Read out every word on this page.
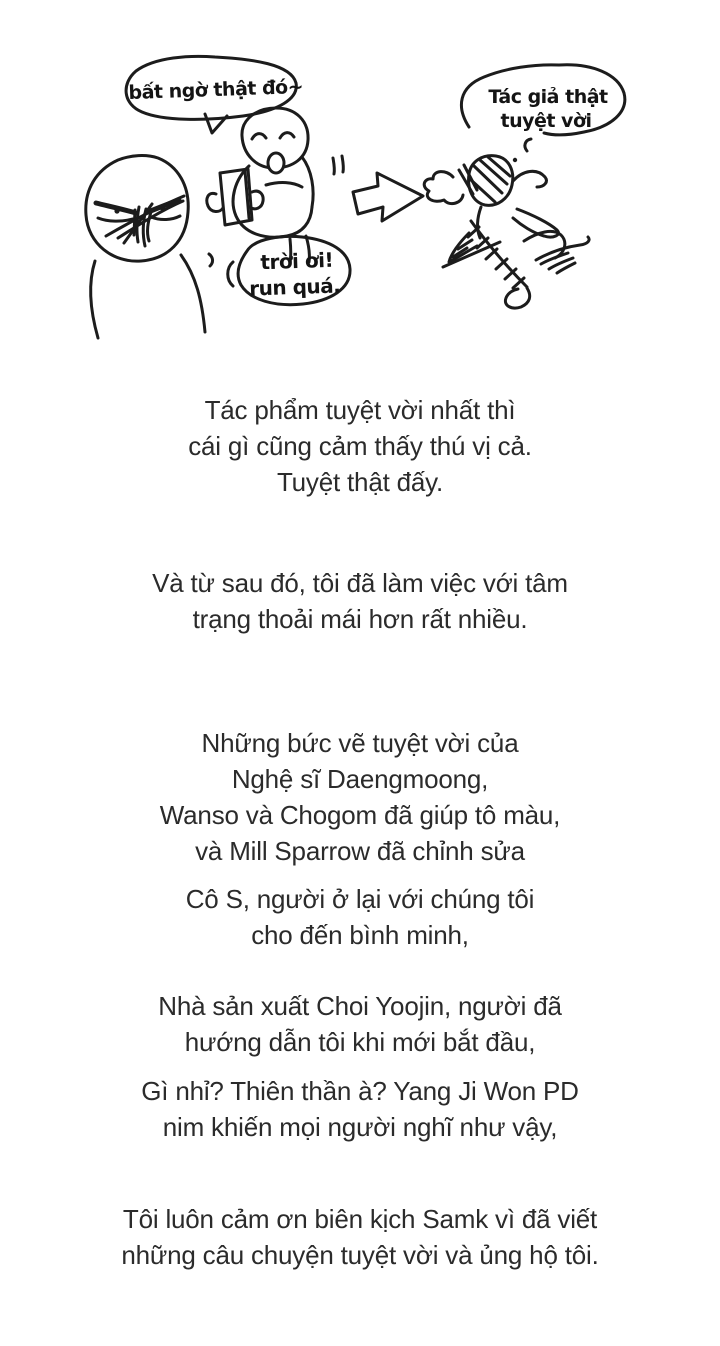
bất ngờ thật đó~
trời ơi!
run quá.
Tác giả thật
tuyệt vời
Tác phẩm tuyệt vời nhất thì
cái gì cũng cảm thấy thú vị cả.
Tuyệt thật đấy.
Và từ sau đó, tôi đã làm việc với tâm
trạng thoải mái hơn rất nhiều.
Những bức vẽ tuyệt vời của
Nghệ sĩ Daengmoong,
Wanso và Chogom đã giúp tô màu,
và Mill Sparrow đã chỉnh sửa
Cô S, người ở lại với chúng tôi
cho đến bình minh,
Nhà sản xuất Choi Yoojin, người đã
hướng dẫn tôi khi mới bắt đầu,
Gì nhỉ? Thiên thần à? Yang Ji Won PD
nim khiến mọi người nghĩ như vậy,
Tôi luôn cảm ơn biên kịch Samk vì đã viết
những câu chuyện tuyệt vời và ủng hộ tôi.
